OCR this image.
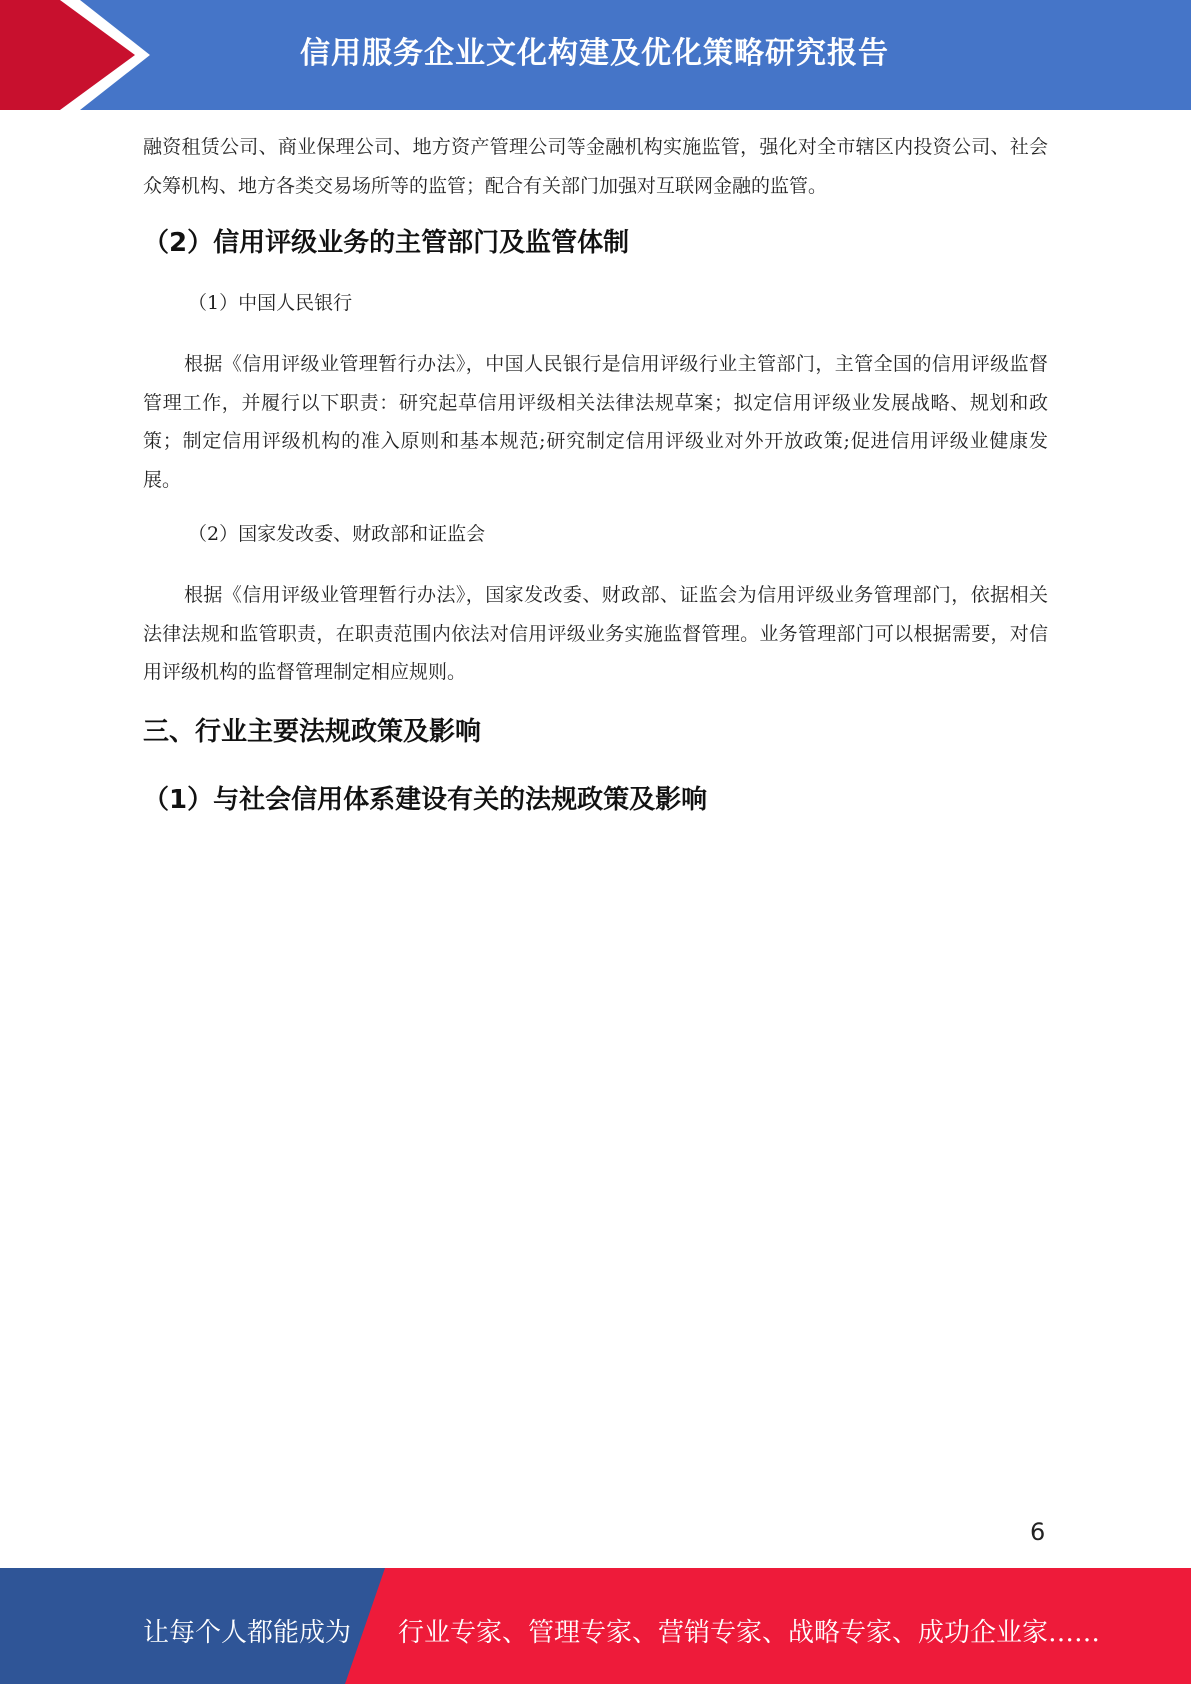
信用服务企业文化构建及优化策略研究报告

融资租赁公司、商业保理公司、地方资产管理公司等金融机构实施监管，强化对全市辖区内投资公司、社会众筹机构、地方各类交易场所等的监管；配合有关部门加强对互联网金融的监管。

（2）信用评级业务的主管部门及监管体制

（1）中国人民银行

根据《信用评级业管理暂行办法》，中国人民银行是信用评级行业主管部门，主管全国的信用评级监督管理工作，并履行以下职责：研究起草信用评级相关法律法规草案；拟定信用评级业发展战略、规划和政策；制定信用评级机构的准入原则和基本规范;研究制定信用评级业对外开放政策;促进信用评级业健康发展。

（2）国家发改委、财政部和证监会

根据《信用评级业管理暂行办法》，国家发改委、财政部、证监会为信用评级业务管理部门，依据相关法律法规和监管职责，在职责范围内依法对信用评级业务实施监督管理。业务管理部门可以根据需要，对信用评级机构的监督管理制定相应规则。

三、行业主要法规政策及影响
（1）与社会信用体系建设有关的法规政策及影响
6
让每个人都能成为 行业专家、管理专家、营销专家、战略专家、成功企业家……
